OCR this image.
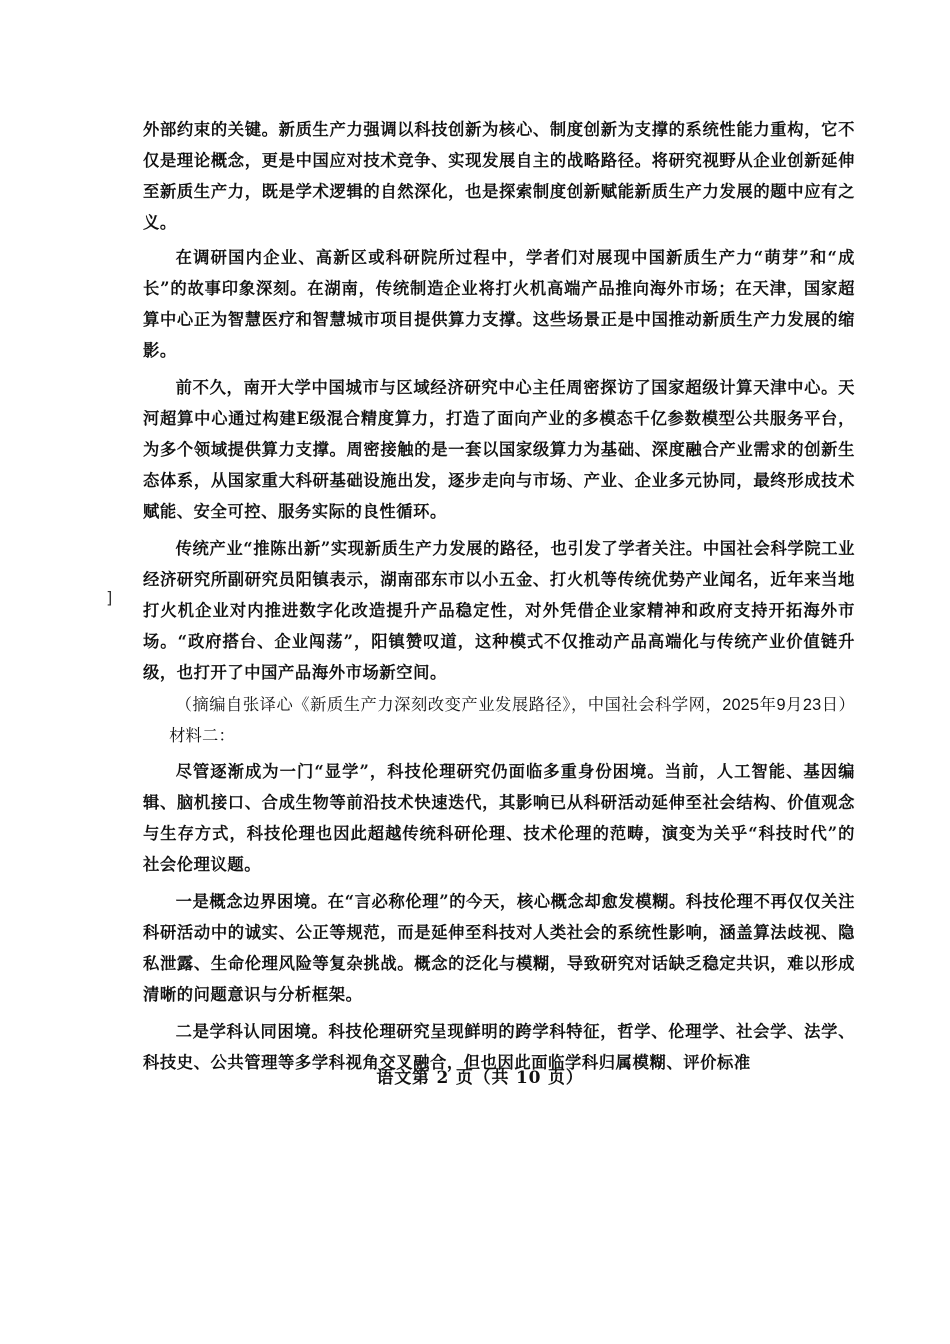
]

外部约束的关键。新质生产力强调以科技创新为核心、制度创新为支撑的系统性能力重构，它不仅是理论概念，更是中国应对技术竞争、实现发展自主的战略路径。将研究视野从企业创新延伸至新质生产力，既是学术逻辑的自然深化，也是探索制度创新赋能新质生产力发展的题中应有之义。

在调研国内企业、高新区或科研院所过程中，学者们对展现中国新质生产力“萌芽”和“成长”的故事印象深刻。在湖南，传统制造企业将打火机高端产品推向海外市场；在天津，国家超算中心正为智慧医疗和智慧城市项目提供算力支撑。这些场景正是中国推动新质生产力发展的缩影。

前不久，南开大学中国城市与区域经济研究中心主任周密探访了国家超级计算天津中心。天河超算中心通过构建E级混合精度算力，打造了面向产业的多模态千亿参数模型公共服务平台，为多个领域提供算力支撑。周密接触的是一套以国家级算力为基础、深度融合产业需求的创新生态体系，从国家重大科研基础设施出发，逐步走向与市场、产业、企业多元协同，最终形成技术赋能、安全可控、服务实际的良性循环。

传统产业“推陈出新”实现新质生产力发展的路径，也引发了学者关注。中国社会科学院工业经济研究所副研究员阳镇表示，湖南邵东市以小五金、打火机等传统优势产业闻名，近年来当地打火机企业对内推进数字化改造提升产品稳定性，对外凭借企业家精神和政府支持开拓海外市场。“政府搭台、企业闯荡”，阳镇赞叹道，这种模式不仅推动产品高端化与传统产业价值链升级，也打开了中国产品海外市场新空间。

（摘编自张译心《新质生产力深刻改变产业发展路径》，中国社会科学网，2025年9月23日）材料二：

尽管逐渐成为一门“显学”，科技伦理研究仍面临多重身份困境。当前，人工智能、基因编辑、脑机接口、合成生物等前沿技术快速迭代，其影响已从科研活动延伸至社会结构、价值观念与生存方式，科技伦理也因此超越传统科研伦理、技术伦理的范畴，演变为关乎“科技时代”的社会伦理议题。

一是概念边界困境。在“言必称伦理”的今天，核心概念却愈发模糊。科技伦理不再仅仅关注科研活动中的诚实、公正等规范，而是延伸至科技对人类社会的系统性影响，涵盖算法歧视、隐私泄露、生命伦理风险等复杂挑战。概念的泛化与模糊，导致研究对话缺乏稳定共识，难以形成清晰的问题意识与分析框架。

二是学科认同困境。科技伦理研究呈现鲜明的跨学科特征，哲学、伦理学、社会学、法学、科技史、公共管理等多学科视角交叉融合，但也因此面临学科归属模糊、评价标准

语文第 2 页（共 10 页）
